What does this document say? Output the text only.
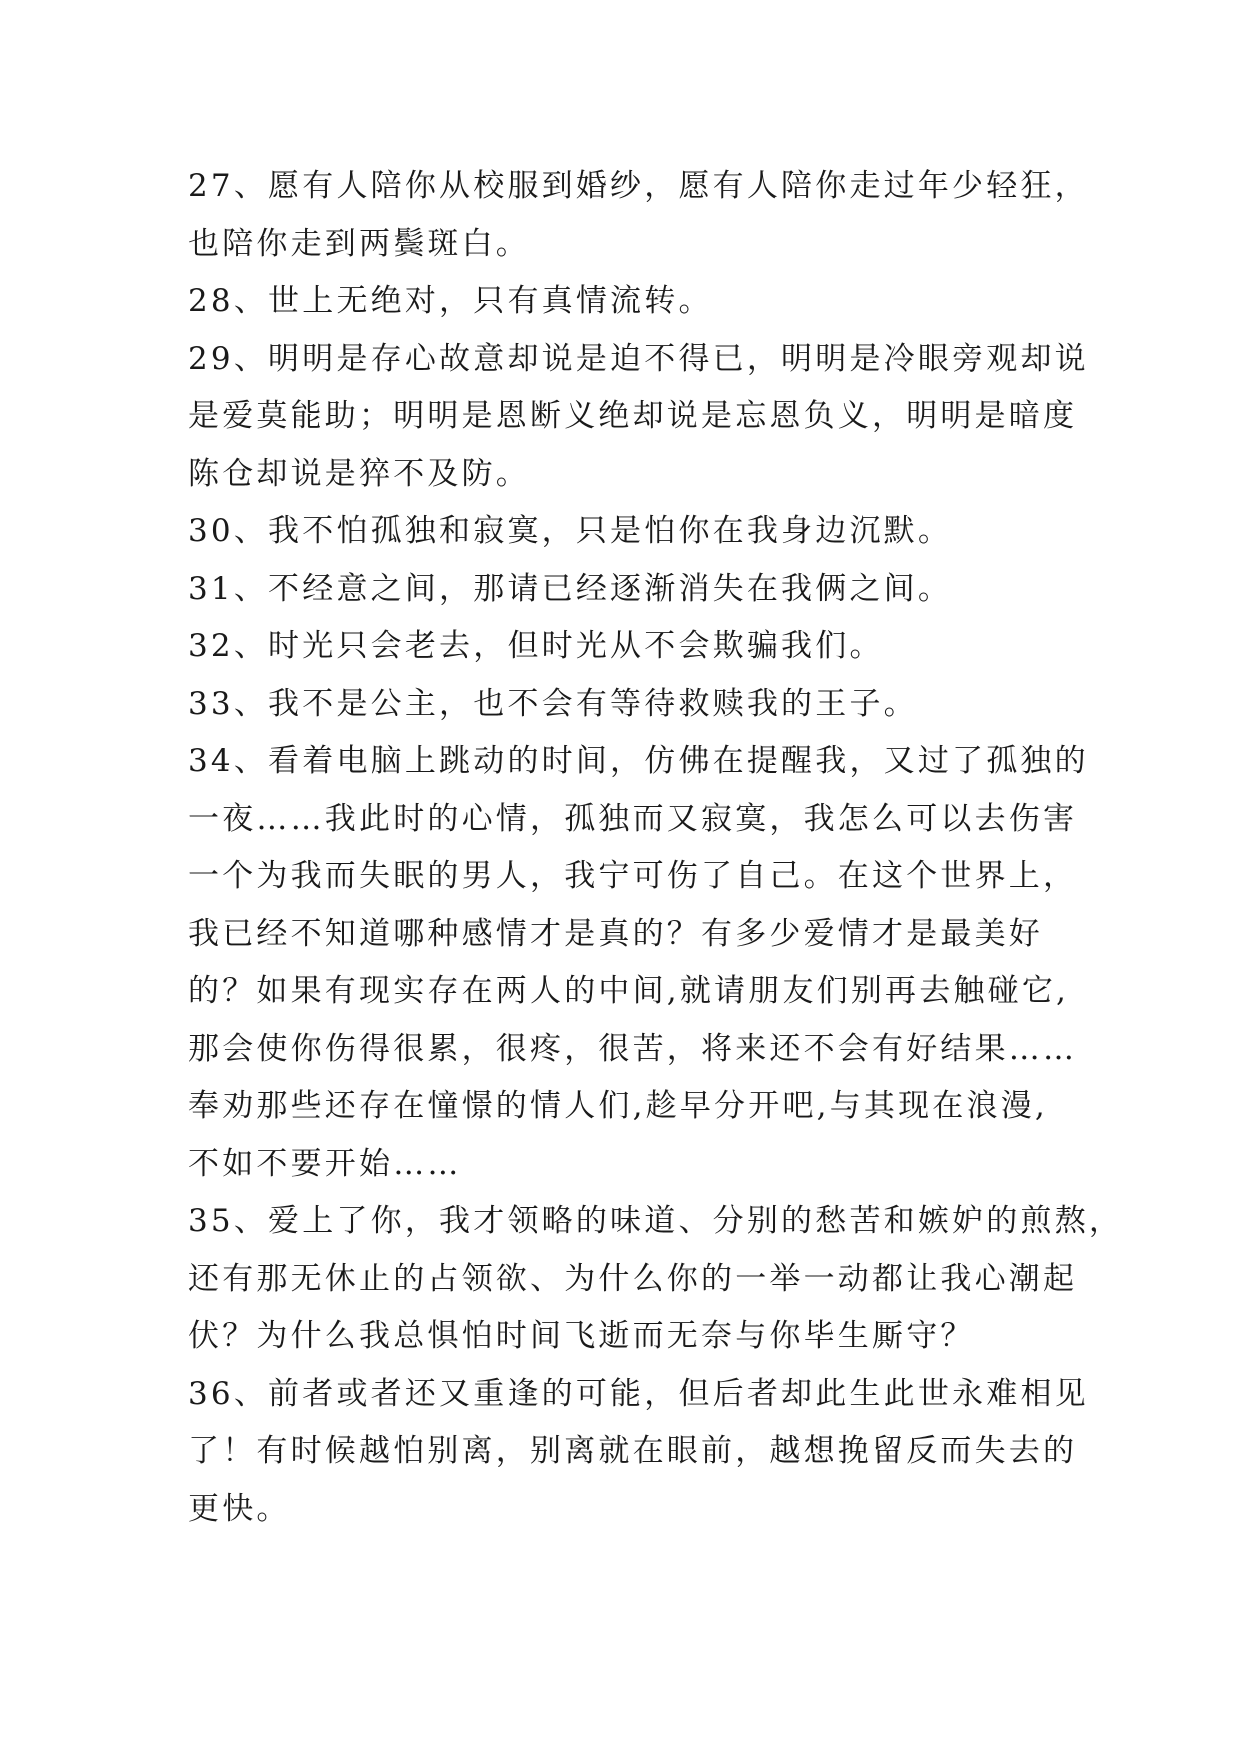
27、愿有人陪你从校服到婚纱，愿有人陪你走过年少轻狂，

也陪你走到两鬓斑白。

28、世上无绝对，只有真情流转。

29、明明是存心故意却说是迫不得已，明明是冷眼旁观却说

是爱莫能助；明明是恩断义绝却说是忘恩负义，明明是暗度

陈仓却说是猝不及防。

30、我不怕孤独和寂寞，只是怕你在我身边沉默。

31、不经意之间，那请已经逐渐消失在我俩之间。

32、时光只会老去，但时光从不会欺骗我们。

33、我不是公主，也不会有等待救赎我的王子。

34、看着电脑上跳动的时间，仿佛在提醒我，又过了孤独的

一夜……我此时的心情，孤独而又寂寞，我怎么可以去伤害

一个为我而失眠的男人，我宁可伤了自己。在这个世界上，

我已经不知道哪种感情才是真的？有多少爱情才是最美好

的？如果有现实存在两人的中间,就请朋友们别再去触碰它,

那会使你伤得很累，很疼，很苦，将来还不会有好结果……

奉劝那些还存在憧憬的情人们,趁早分开吧,与其现在浪漫,

不如不要开始……

35、爱上了你，我才领略的味道、分别的愁苦和嫉妒的煎熬，

还有那无休止的占领欲、为什么你的一举一动都让我心潮起

伏？为什么我总惧怕时间飞逝而无奈与你毕生厮守？

36、前者或者还又重逢的可能，但后者却此生此世永难相见

了！有时候越怕别离，别离就在眼前，越想挽留反而失去的

更快。
